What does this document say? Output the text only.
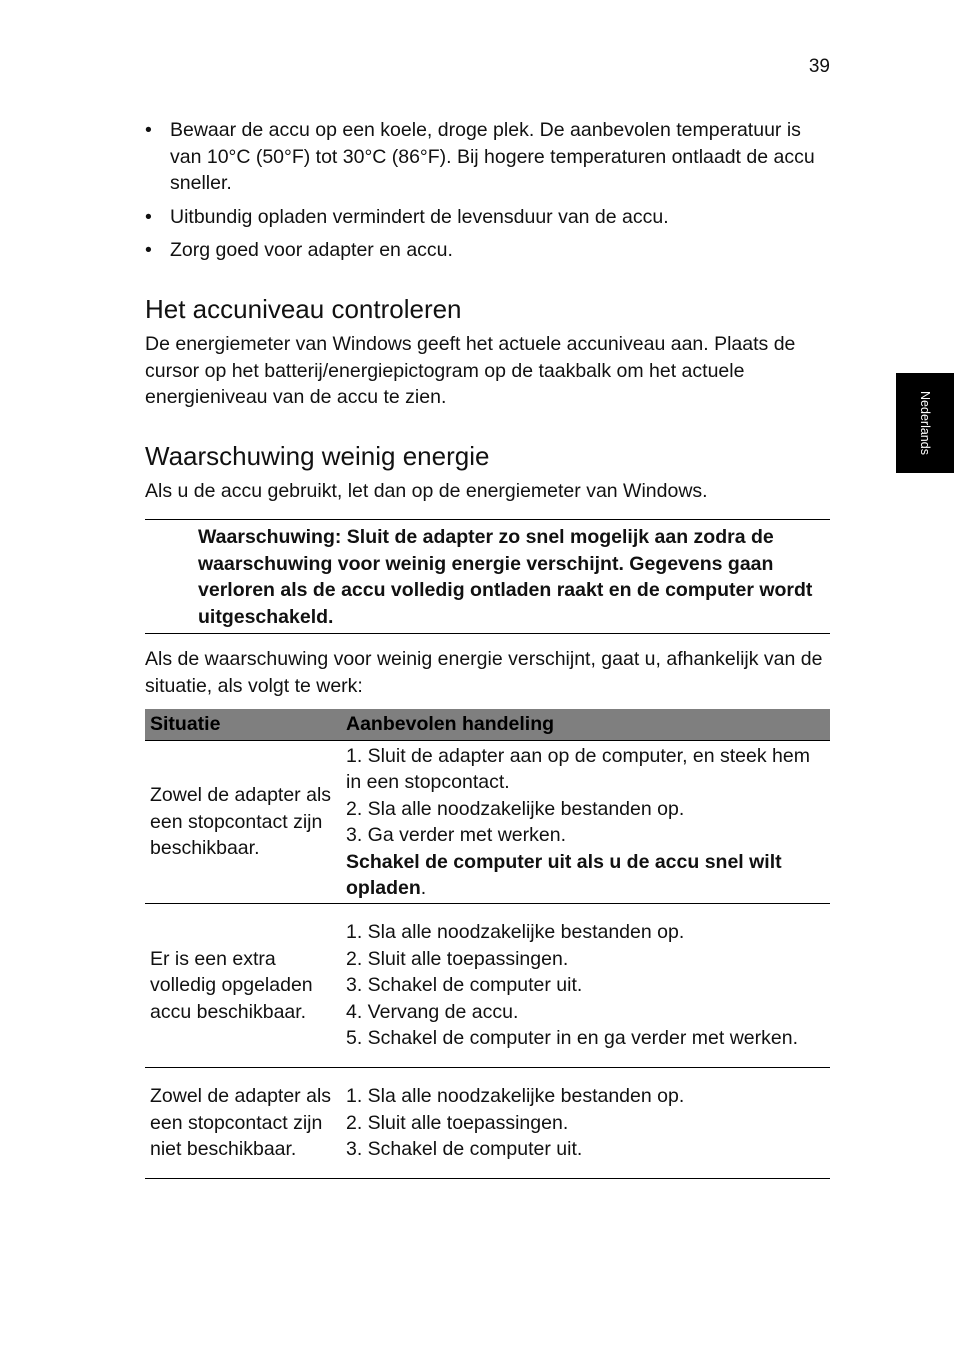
39
Nederlands
• Bewaar de accu op een koele, droge plek. De aanbevolen temperatuur is van 10°C (50°F) tot 30°C (86°F). Bij hogere temperaturen ontlaadt de accu sneller.
• Uitbundig opladen vermindert de levensduur van de accu.
• Zorg goed voor adapter en accu.
Het accuniveau controleren

De energiemeter van Windows geeft het actuele accuniveau aan. Plaats de cursor op het batterij/energiepictogram op de taakbalk om het actuele energieniveau van de accu te zien.

Waarschuwing weinig energie

Als u de accu gebruikt, let dan op de energiemeter van Windows.

Waarschuwing: Sluit de adapter zo snel mogelijk aan zodra de waarschuwing voor weinig energie verschijnt. Gegevens gaan verloren als de accu volledig ontladen raakt en de computer wordt uitgeschakeld.

Als de waarschuwing voor weinig energie verschijnt, gaat u, afhankelijk van de situatie, als volgt te werk:

Situatie	Aanbevolen handeling
Zowel de adapter als een stopcontact zijn beschikbaar.	1. Sluit de adapter aan op de computer, en steek hem in een stopcontact.
2. Sla alle noodzakelijke bestanden op.
3. Ga verder met werken.
Schakel de computer uit als u de accu snel wilt opladen.

Er is een extra volledig opgeladen accu beschikbaar.	1. Sla alle noodzakelijke bestanden op.
2. Sluit alle toepassingen.
3. Schakel de computer uit.
4. Vervang de accu.
5. Schakel de computer in en ga verder met werken.

Zowel de adapter als een stopcontact zijn niet beschikbaar.	1. Sla alle noodzakelijke bestanden op.
2. Sluit alle toepassingen.
3. Schakel de computer uit.
